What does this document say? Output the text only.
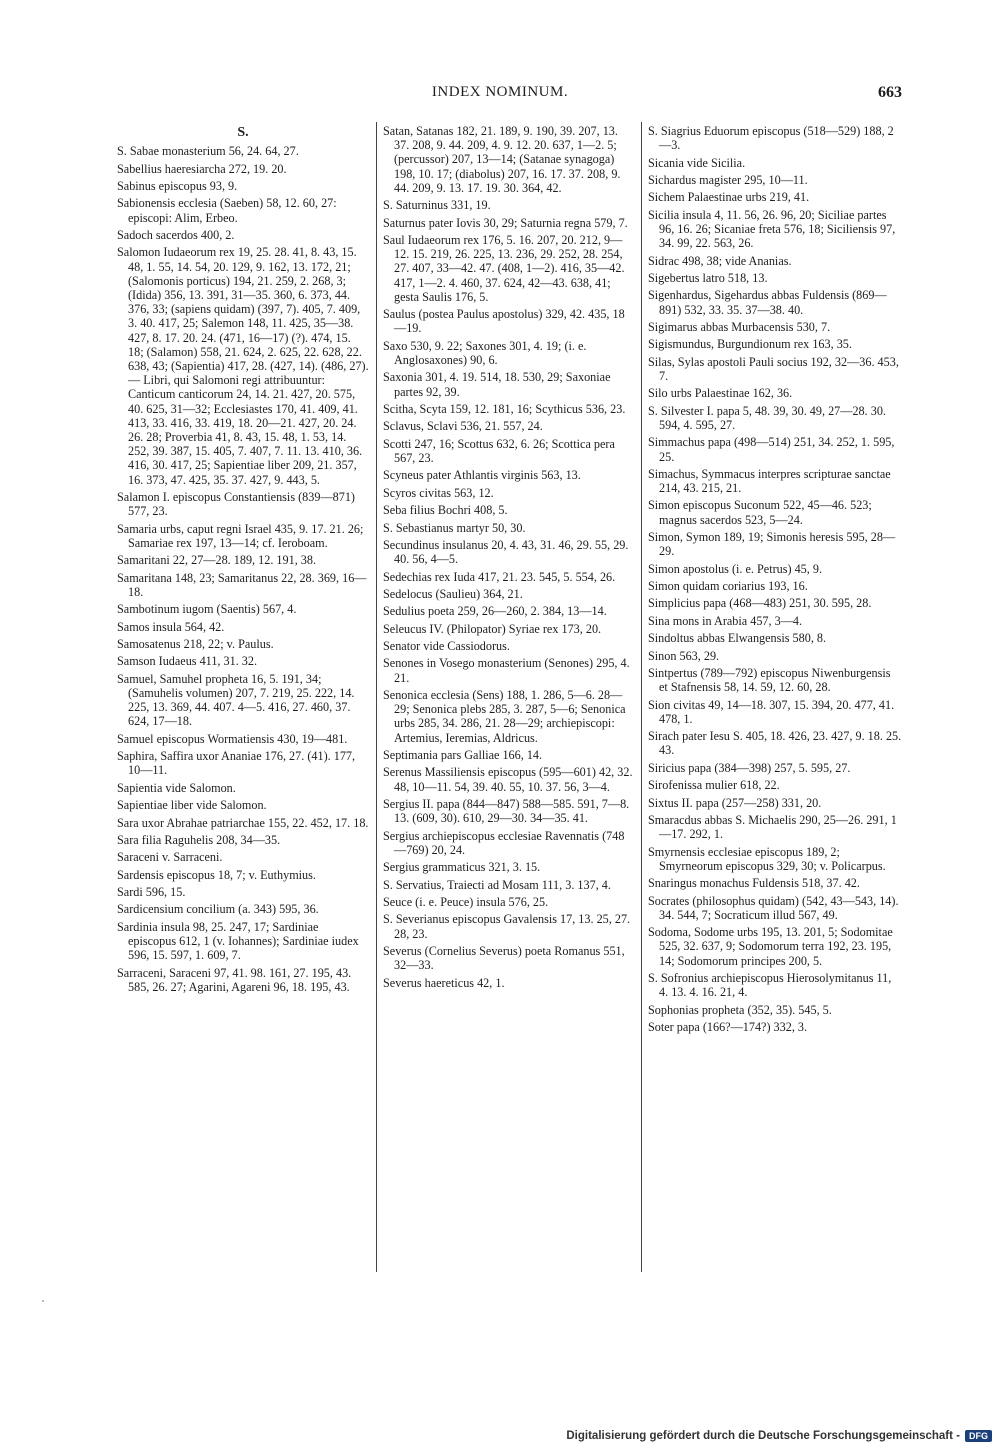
INDEX NOMINUM.	663
S.
S. Sabae monasterium 56, 24. 64, 27.
Sabellius haeresiarcha 272, 19. 20.
Sabinus episcopus 93, 9.
Sabionensis ecclesia (Saeben) 58, 12. 60, 27: episcopi: Alim, Erbeo.
Sadoch sacerdos 400, 2.
Salomon Iudaeorum rex 19, 25. 28. 41, 8. 43, 15. 48, 1. 55, 14. 54, 20. 129, 9. 162, 13. 172, 21; (Salomonis porticus) 194, 21. 259, 2. 268, 3; (Idida) 356, 13. 391, 31—35. 360, 6. 373, 44. 376, 33; (sapiens quidam) (397, 7). 405, 7. 409, 3. 40. 417, 25; Salemon 148, 11. 425, 35—38. 427, 8. 17. 20. 24. (471, 16—17) (?). 474, 15. 18; (Salamon) 558, 21. 624, 2. 625, 22. 628, 22. 638, 43; (Sapientia) 417, 28. (427, 14). (486, 27). — Libri, qui Salomoni regi attribuuntur: Canticum canticorum 24, 14. 21. 427, 20. 575, 40. 625, 31—32; Ecclesiastes 170, 41. 409, 41. 413, 33. 416, 33. 419, 18. 20—21. 427, 20. 24. 26. 28; Proverbia 41, 8. 43, 15. 48, 1. 53, 14. 252, 39. 387, 15. 405, 7. 407, 7. 11. 13. 410, 36. 416, 30. 417, 25; Sapientiae liber 209, 21. 357, 16. 373, 47. 425, 35. 37. 427, 9. 443, 5.
Salamon I. episcopus Constantiensis (839—871) 577, 23.
Samaria urbs, caput regni Israel 435, 9. 17. 21. 26; Samariae rex 197, 13—14; cf. Ieroboam.
Samaritani 22, 27—28. 189, 12. 191, 38.
Samaritana 148, 23; Samaritanus 22, 28. 369, 16—18.
Sambotinum iugom (Saentis) 567, 4.
Samos insula 564, 42.
Samosatenus 218, 22; v. Paulus.
Samson Iudaeus 411, 31. 32.
Samuel, Samuhel propheta 16, 5. 191, 34; (Samuhelis volumen) 207, 7. 219, 25. 222, 14. 225, 13. 369, 44. 407. 4—5. 416, 27. 460, 37. 624, 17—18.
Samuel episcopus Wormatiensis 430, 19—481.
Saphira, Saffira uxor Ananiae 176, 27. (41). 177, 10—11.
Sapientia vide Salomon.
Sapientiae liber vide Salomon.
Sara uxor Abrahae patriarchae 155, 22. 452, 17. 18.
Sara filia Raguhelis 208, 34—35.
Saraceni v. Sarraceni.
Sardensis episcopus 18, 7; v. Euthymius.
Sardi 596, 15.
Sardicensium concilium (a. 343) 595, 36.
Sardinia insula 98, 25. 247, 17; Sardiniae episcopus 612, 1 (v. Iohannes); Sardiniae iudex 596, 15. 597, 1. 609, 7.
Sarraceni, Saraceni 97, 41. 98. 161, 27. 195, 43. 585, 26. 27; Agarini, Agareni 96, 18. 195, 43.
Satan, Satanas 182, 21. 189, 9. 190, 39. 207, 13. 37. 208, 9. 44. 209, 4. 9. 12. 20. 637, 1—2. 5; (percussor) 207, 13—14; (Satanae synagoga) 198, 10. 17; (diabolus) 207, 16. 17. 37. 208, 9. 44. 209, 9. 13. 17. 19. 30. 364, 42.
S. Saturninus 331, 19.
Saturnus pater Iovis 30, 29; Saturnia regna 579, 7.
Saul Iudaeorum rex 176, 5. 16. 207, 20. 212, 9—12. 15. 219, 26. 225, 13. 236, 29. 252, 28. 254, 27. 407, 33—42. 47. (408, 1—2). 416, 35—42. 417, 1—2. 4. 460, 37. 624, 42—43. 638, 41; gesta Saulis 176, 5.
Saulus (postea Paulus apostolus) 329, 42. 435, 18—19.
Saxo 530, 9. 22; Saxones 301, 4. 19; (i. e. Anglosaxones) 90, 6.
Saxonia 301, 4. 19. 514, 18. 530, 29; Saxoniae partes 92, 39.
Scitha, Scyta 159, 12. 181, 16; Scythicus 536, 23.
Sclavus, Sclavi 536, 21. 557, 24.
Scotti 247, 16; Scottus 632, 6. 26; Scottica pera 567, 23.
Scyneus pater Athlantis virginis 563, 13.
Scyros civitas 563, 12.
Seba filius Bochri 408, 5.
S. Sebastianus martyr 50, 30.
Secundinus insulanus 20, 4. 43, 31. 46, 29. 55, 29. 40. 56, 4—5.
Sedechias rex Iuda 417, 21. 23. 545, 5. 554, 26.
Sedelocus (Saulieu) 364, 21.
Sedulius poeta 259, 26—260, 2. 384, 13—14.
Seleucus IV. (Philopator) Syriae rex 173, 20.
Senator vide Cassiodorus.
Senones in Vosego monasterium (Senones) 295, 4. 21.
Senonica ecclesia (Sens) 188, 1. 286, 5—6. 28—29; Senonica plebs 285, 3. 287, 5—6; Senonica urbs 285, 34. 286, 21. 28—29; archiepiscopi: Artemius, Ieremias, Aldricus.
Septimania pars Galliae 166, 14.
Serenus Massiliensis episcopus (595—601) 42, 32. 48, 10—11. 54, 39. 40. 55, 10. 37. 56, 3—4.
Sergius II. papa (844—847) 588—585. 591, 7—8. 13. (609, 30). 610, 29—30. 34—35. 41.
Sergius archiepiscopus ecclesiae Ravennatis (748—769) 20, 24.
Sergius grammaticus 321, 3. 15.
S. Servatius, Traiecti ad Mosam 111, 3. 137, 4.
Seuce (i. e. Peuce) insula 576, 25.
S. Severianus episcopus Gavalensis 17, 13. 25, 27. 28, 23.
Severus (Cornelius Severus) poeta Romanus 551, 32—33.
Severus haereticus 42, 1.
S. Siagrius Eduorum episcopus (518—529) 188, 2—3.
Sicania vide Sicilia.
Sichardus magister 295, 10—11.
Sichem Palaestinae urbs 219, 41.
Sicilia insula 4, 11. 56, 26. 96, 20; Siciliae partes 96, 16. 26; Sicaniae freta 576, 18; Siciliensis 97, 34. 99, 22. 563, 26.
Sidrac 498, 38; vide Ananias.
Sigebertus latro 518, 13.
Sigenhardus, Sigehardus abbas Fuldensis (869—891) 532, 33. 35. 37—38. 40.
Sigimarus abbas Murbacensis 530, 7.
Sigismundus, Burgundionum rex 163, 35.
Silas, Sylas apostoli Pauli socius 192, 32—36. 453, 7.
Silo urbs Palaestinae 162, 36.
S. Silvester I. papa 5, 48. 39, 30. 49, 27—28. 30. 594, 4. 595, 27.
Simmachus papa (498—514) 251, 34. 252, 1. 595, 25.
Simachus, Symmacus interpres scripturae sanctae 214, 43. 215, 21.
Simon episcopus Suconum 522, 45—46. 523; magnus sacerdos 523, 5—24.
Simon, Symon 189, 19; Simonis heresis 595, 28—29.
Simon apostolus (i. e. Petrus) 45, 9.
Simon quidam coriarius 193, 16.
Simplicius papa (468—483) 251, 30. 595, 28.
Sina mons in Arabia 457, 3—4.
Sindoltus abbas Elwangensis 580, 8.
Sinon 563, 29.
Sintpertus (789—792) episcopus Niwenburgensis et Stafnensis 58, 14. 59, 12. 60, 28.
Sion civitas 49, 14—18. 307, 15. 394, 20. 477, 41. 478, 1.
Sirach pater Iesu S. 405, 18. 426, 23. 427, 9. 18. 25. 43.
Siricius papa (384—398) 257, 5. 595, 27.
Sirofenissa mulier 618, 22.
Sixtus II. papa (257—258) 331, 20.
Smaracdus abbas S. Michaelis 290, 25—26. 291, 1—17. 292, 1.
Smyrnensis ecclesiae episcopus 189, 2; Smyrneorum episcopus 329, 30; v. Policarpus.
Snaringus monachus Fuldensis 518, 37. 42.
Socrates (philosophus quidam) (542, 43—543, 14). 34. 544, 7; Socraticum illud 567, 49.
Sodoma, Sodome urbs 195, 13. 201, 5; Sodomitae 525, 32. 637, 9; Sodomorum terra 192, 23. 195, 14; Sodomorum principes 200, 5.
S. Sofronius archiepiscopus Hierosolymitanus 11, 4. 13. 4. 16. 21, 4.
Sophonias propheta (352, 35). 545, 5.
Soter papa (166?—174?) 332, 3.
Digitalisierung gefördert durch die Deutsche Forschungsgemeinschaft -	DFG
